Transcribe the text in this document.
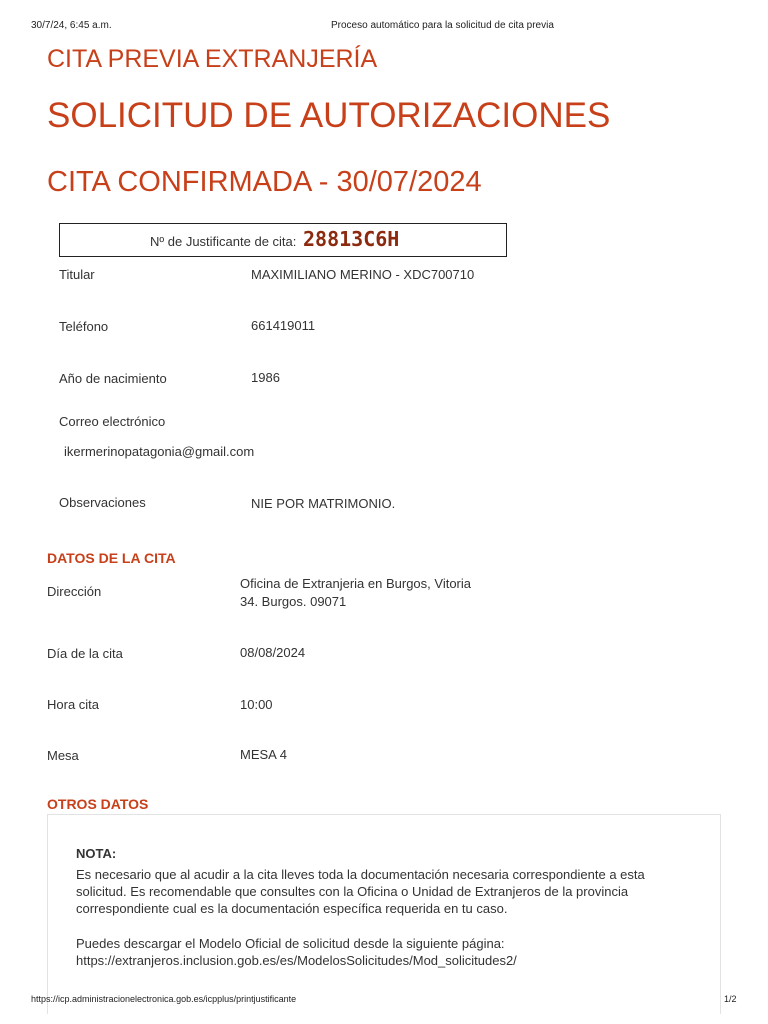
30/7/24, 6:45 a.m.	Proceso automático para la solicitud de cita previa
CITA PREVIA EXTRANJERÍA
SOLICITUD DE AUTORIZACIONES
CITA CONFIRMADA - 30/07/2024
Nº de Justificante de cita: 28813C6H
Titular	MAXIMILIANO MERINO - XDC700710
Teléfono	661419011
Año de nacimiento	1986
Correo electrónico
ikermerinopatagonia@gmail.com
Observaciones	NIE POR MATRIMONIO.
DATOS DE LA CITA
Dirección
Oficina de Extranjeria en Burgos, Vitoria
34. Burgos. 09071
Día de la cita	08/08/2024
Hora cita	10:00
Mesa	MESA 4
OTROS DATOS
NOTA:
Es necesario que al acudir a la cita lleves toda la documentación necesaria correspondiente a esta
solicitud. Es recomendable que consultes con la Oficina o Unidad de Extranjeros de la provincia
correspondiente cual es la documentación específica requerida en tu caso.
Puedes descargar el Modelo Oficial de solicitud desde la siguiente página:
https://extranjeros.inclusion.gob.es/es/ModelosSolicitudes/Mod_solicitudes2/
https://icp.administracionelectronica.gob.es/icpplus/printjustificante	1/2
